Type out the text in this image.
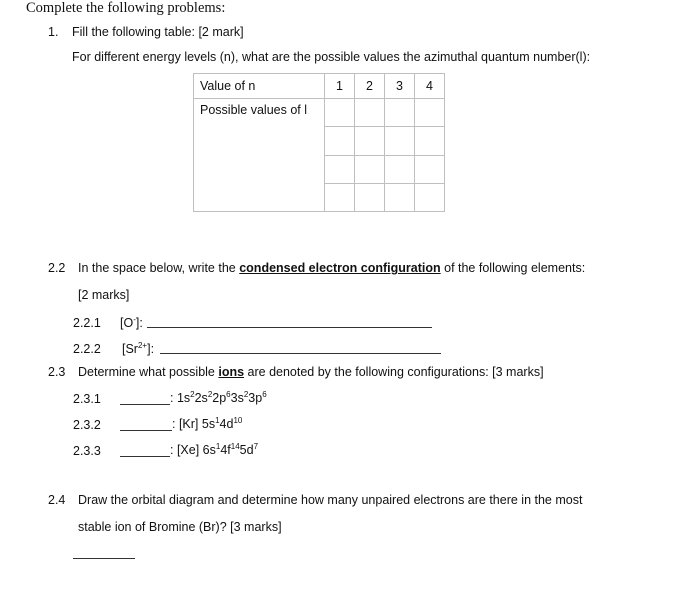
Complete the following problems:
1. Fill the following table: [2 mark]
For different energy levels (n), what are the possible values the azimuthal quantum number(l):
Value of n	1	2	3	4
Possible values of l				

2.2 In the space below, write the condensed electron configuration of the following elements:
[2 marks]
2.2.1 [O-]:
2.2.2 $[Sr^{2+}]$:
2.3 Determine what possible ions are denoted by the following configurations: [3 marks]
2.3.1	: $1s^22s^22p^63s^23p^6$
2.3.2	: [Kr] $5s^14d^{10}$
2.3.3	: [Xe] $6s^14f^{14}5d^7$
2.4 Draw the orbital diagram and determine how many unpaired electrons are there in the most
stable ion of Bromine (Br)? [3 marks]
